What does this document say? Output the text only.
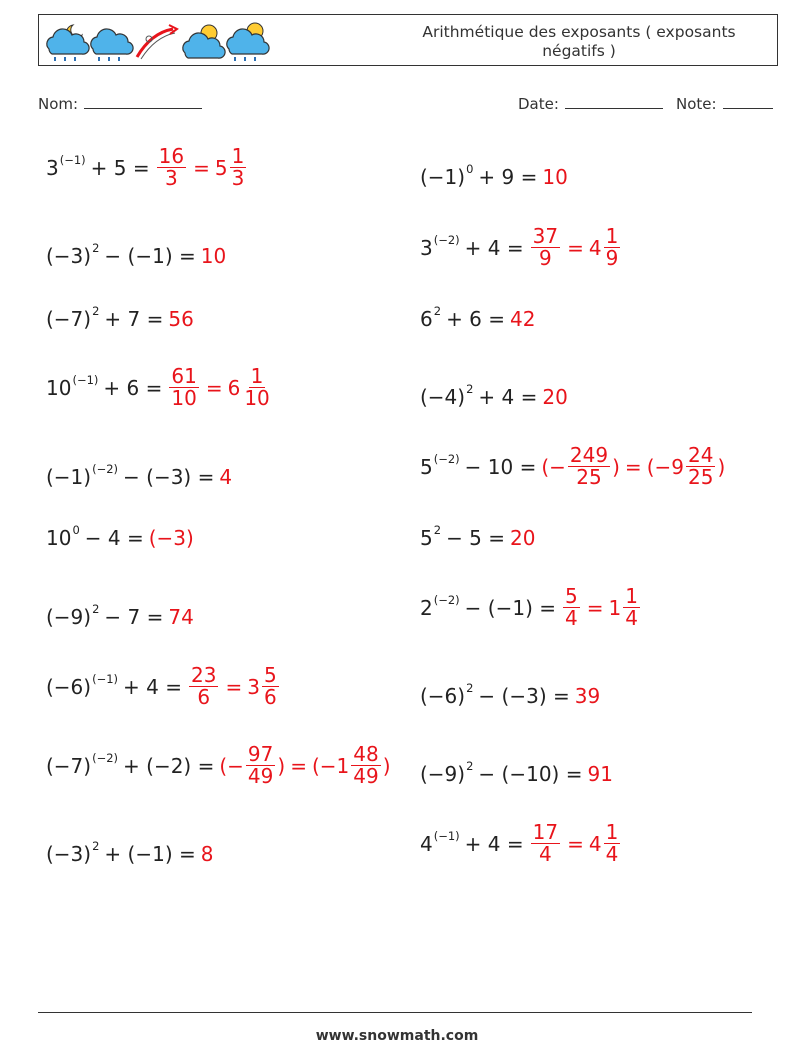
Arithmétique des exposants ( exposants
négatifs )
Nom:	Date:	Note:
$(-1)^0 + 9 = 10$
$(-3)^2 - (-1) = 10$
$(-7)^2 + 7 = 56$	$6^2 + 6 = 42$
$(-4)^2 + 4 = 20$
$(-1)^{(-2)} - (-3) = 4$
$10^0 - 4 = (-3)$	$5^2 - 5 = 20$
$(-9)^2 - 7 = 74$
$(-6)^2 - (-3) = 39$
$(-9)^2 - (-10) = 91$
$(-3)^2 + (-1) = 8$
$3^{(-1)} + 5 = \frac{16}{3} = 5 \frac{1}{3}$
$3^{(-2)} + 4 = \frac{37}{9} = 4 \frac{1}{9}$
$10^{(-1)} + 6 = \frac{61}{10} = 6 \frac{1}{10}$
$5^{(-2)} - 10$ = (− $\frac{249}{25}$ ) = ($-9 \frac{24}{25}$ )
$2^{(-2)} - (-1) = \frac{5}{4} = 1 \frac{1}{4}$
$(-6)^{(-1)} + 4 = \frac{23}{6} = 3 \frac{5}{6}$
$(-7)^{(-2)} + (-2)$ = (− $\frac{97}{49}$ ) = ($-1 \frac{48}{49}$ )
$4^{(-1)} + 4 = \frac{17}{4} = 4 \frac{1}{4}$
www.snowmath.com
